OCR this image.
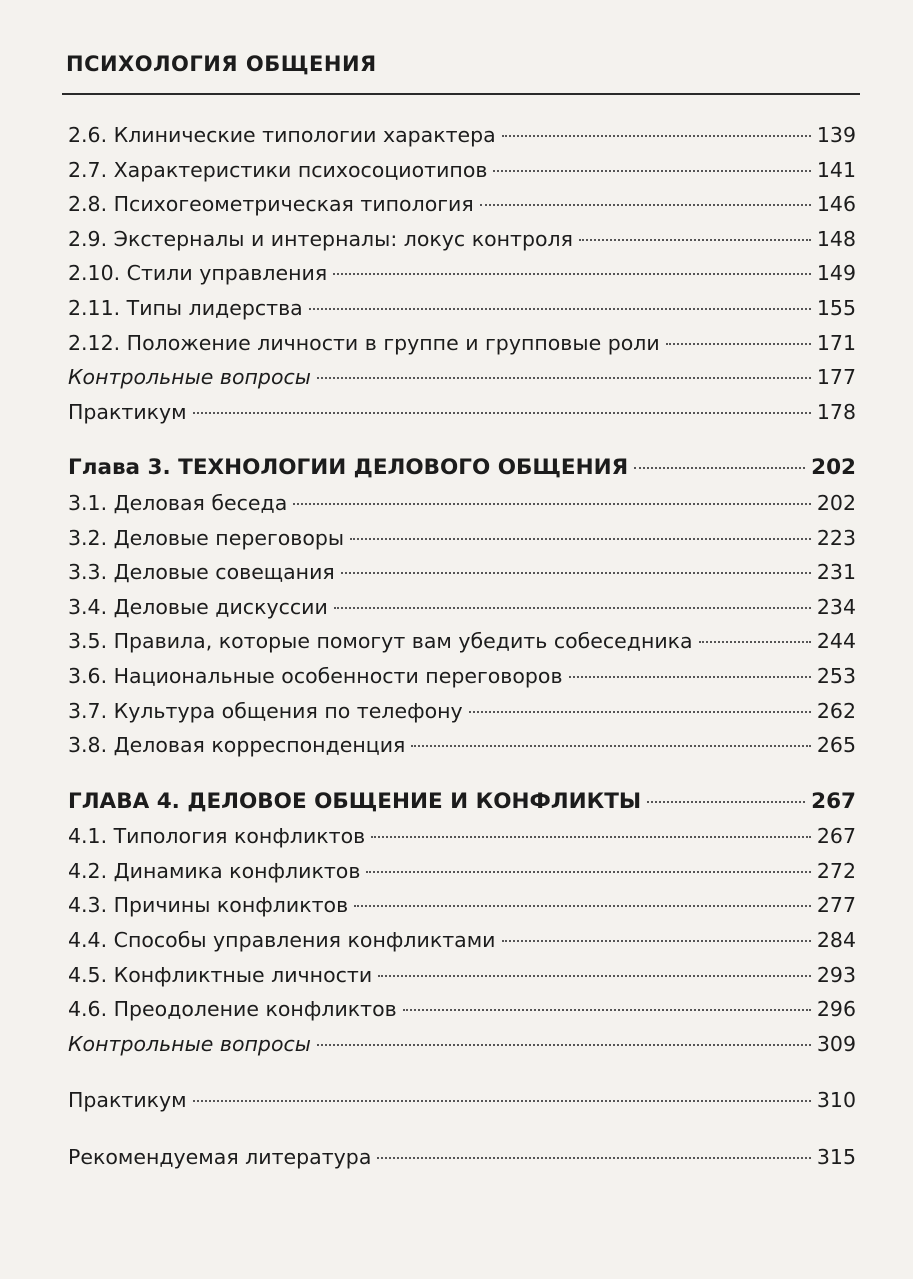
ПСИХОЛОГИЯ ОБЩЕНИЯ
2.6. Клинические типологии характера	139
2.7. Характеристики психосоциотипов	141
2.8. Психогеометрическая типология	146
2.9. Экстерналы и интерналы: локус контроля	148
2.10. Стили управления	149
2.11. Типы лидерства	155
2.12. Положение личности в группе и групповые роли	171
Контрольные вопросы	177
Практикум	178
Глава 3. ТЕХНОЛОГИИ ДЕЛОВОГО ОБЩЕНИЯ	202
3.1. Деловая беседа	202
3.2. Деловые переговоры	223
3.3. Деловые совещания	231
3.4. Деловые дискуссии	234
3.5. Правила, которые помогут вам убедить собеседника	244
3.6. Национальные особенности переговоров	253
3.7. Культура общения по телефону	262
3.8. Деловая корреспонденция	265
ГЛАВА 4. ДЕЛОВОЕ ОБЩЕНИЕ И КОНФЛИКТЫ	267
4.1. Типология конфликтов	267
4.2. Динамика конфликтов	272
4.3. Причины конфликтов	277
4.4. Способы управления конфликтами	284
4.5. Конфликтные личности	293
4.6. Преодоление конфликтов	296
Контрольные вопросы	309
Практикум	310
Рекомендуемая литература	315
